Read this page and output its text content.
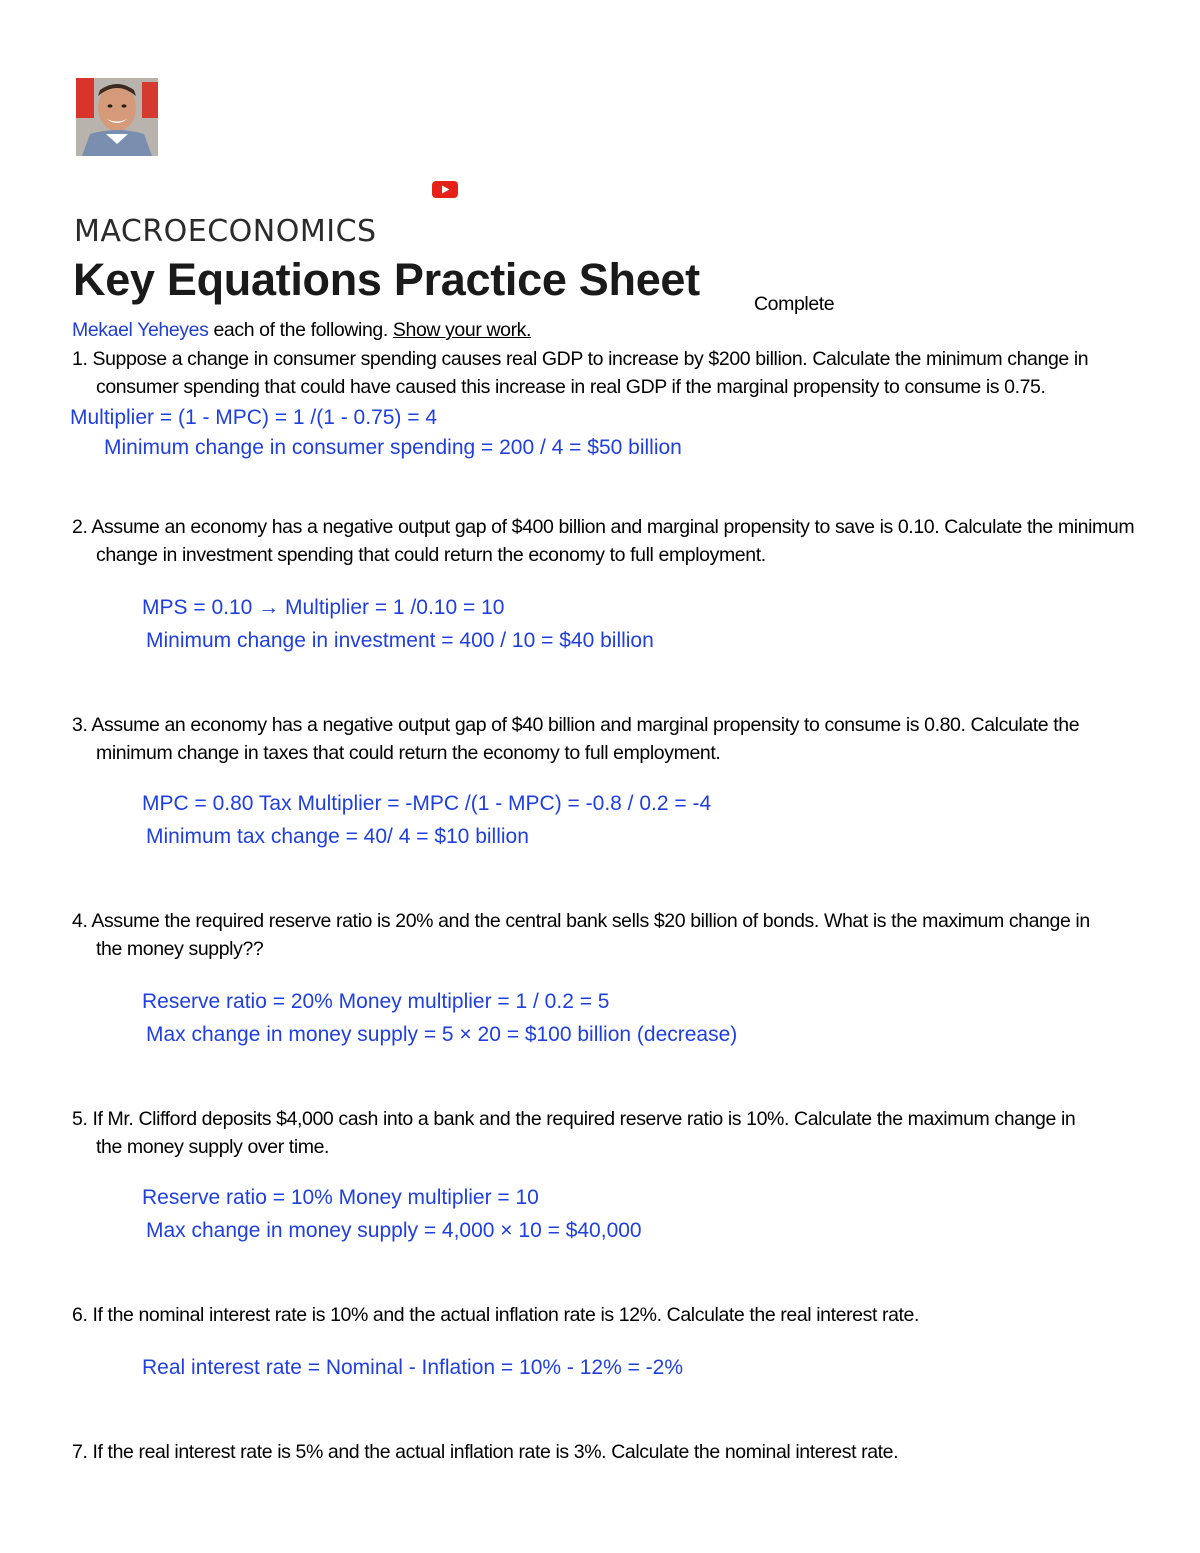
MACROECONOMICS
Key Equations Practice Sheet	Complete
Mekael Yeheyes each of the following. Show your work.
1. Suppose a change in consumer spending causes real GDP to increase by $200 billion. Calculate the minimum change in
consumer spending that could have caused this increase in real GDP if the marginal propensity to consume is 0.75.
Multiplier = (1 - MPC) = 1 /(1 - 0.75) = 4
Minimum change in consumer spending = 200 / 4 = $50 billion
2. Assume an economy has a negative output gap of $400 billion and marginal propensity to save is 0.10. Calculate the minimum
change in investment spending that could return the economy to full employment.
MPS = 0.10 → Multiplier = 1 /0.10 = 10
Minimum change in investment = 400 / 10 = $40 billion
3. Assume an economy has a negative output gap of $40 billion and marginal propensity to consume is 0.80. Calculate the
minimum change in taxes that could return the economy to full employment.
MPC = 0.80 Tax Multiplier = -MPC /(1 - MPC) = -0.8 / 0.2 = -4
Minimum tax change = 40/ 4 = $10 billion
4. Assume the required reserve ratio is 20% and the central bank sells $20 billion of bonds. What is the maximum change in
the money supply??
Reserve ratio = 20% Money multiplier = 1 / 0.2 = 5
Max change in money supply = 5 × 20 = $100 billion (decrease)
5. If Mr. Clifford deposits $4,000 cash into a bank and the required reserve ratio is 10%. Calculate the maximum change in
the money supply over time.
Reserve ratio = 10% Money multiplier = 10
Max change in money supply = 4,000 × 10 = $40,000
6. If the nominal interest rate is 10% and the actual inflation rate is 12%. Calculate the real interest rate.
Real interest rate = Nominal - Inflation = 10% - 12% = -2%
7. If the real interest rate is 5% and the actual inflation rate is 3%. Calculate the nominal interest rate.
